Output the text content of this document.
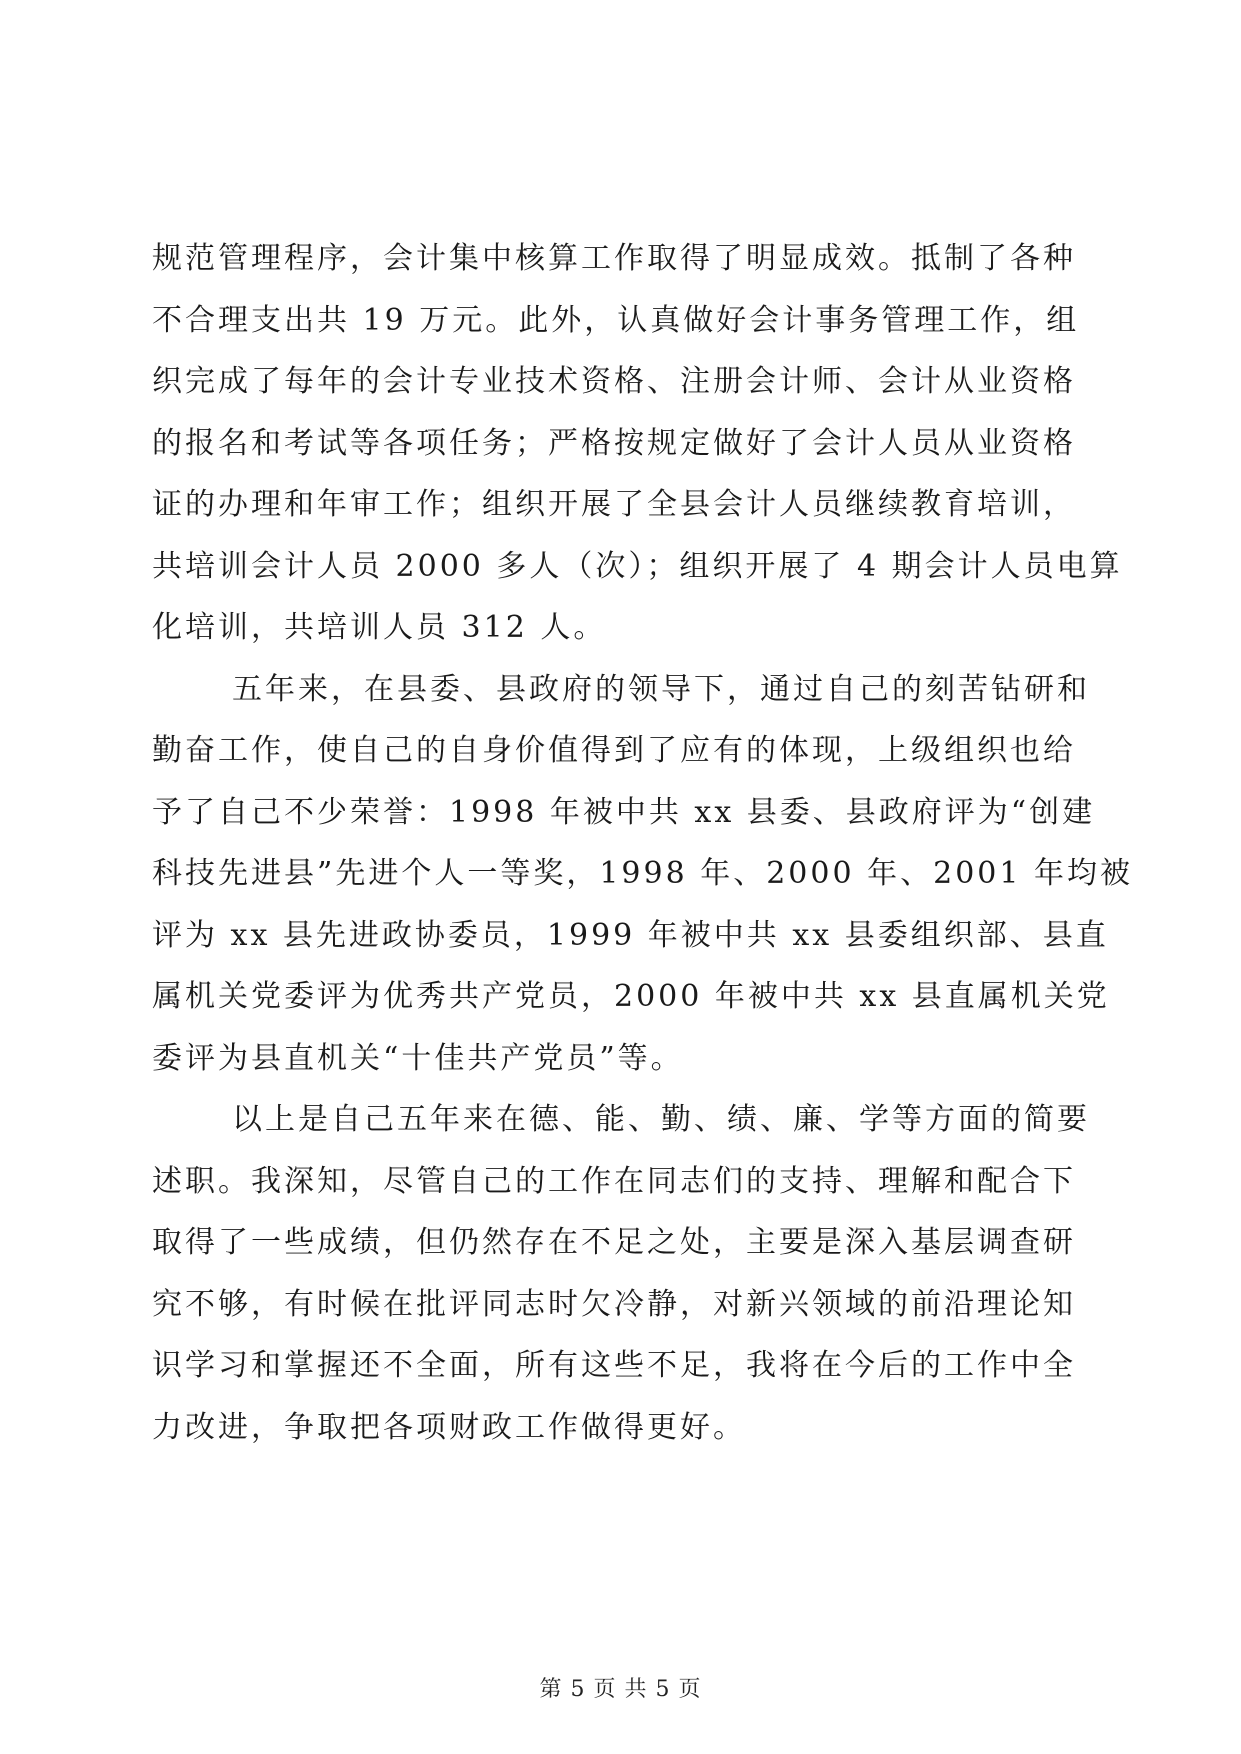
规范管理程序，会计集中核算工作取得了明显成效。抵制了各种
不合理支出共 19 万元。此外，认真做好会计事务管理工作，组
织完成了每年的会计专业技术资格、注册会计师、会计从业资格
的报名和考试等各项任务；严格按规定做好了会计人员从业资格
证的办理和年审工作；组织开展了全县会计人员继续教育培训，
共培训会计人员 2000 多人（次）；组织开展了 4 期会计人员电算
化培训，共培训人员 312 人。
五年来，在县委、县政府的领导下，通过自己的刻苦钻研和
勤奋工作，使自己的自身价值得到了应有的体现，上级组织也给
予了自己不少荣誉：1998 年被中共 xx 县委、县政府评为“创建
科技先进县”先进个人一等奖，1998 年、2000 年、2001 年均被
评为 xx 县先进政协委员，1999 年被中共 xx 县委组织部、县直
属机关党委评为优秀共产党员，2000 年被中共 xx 县直属机关党
委评为县直机关“十佳共产党员”等。
以上是自己五年来在德、能、勤、绩、廉、学等方面的简要
述职。我深知，尽管自己的工作在同志们的支持、理解和配合下
取得了一些成绩，但仍然存在不足之处，主要是深入基层调查研
究不够，有时候在批评同志时欠冷静，对新兴领域的前沿理论知
识学习和掌握还不全面，所有这些不足，我将在今后的工作中全
力改进，争取把各项财政工作做得更好。
第 5 页 共 5 页
